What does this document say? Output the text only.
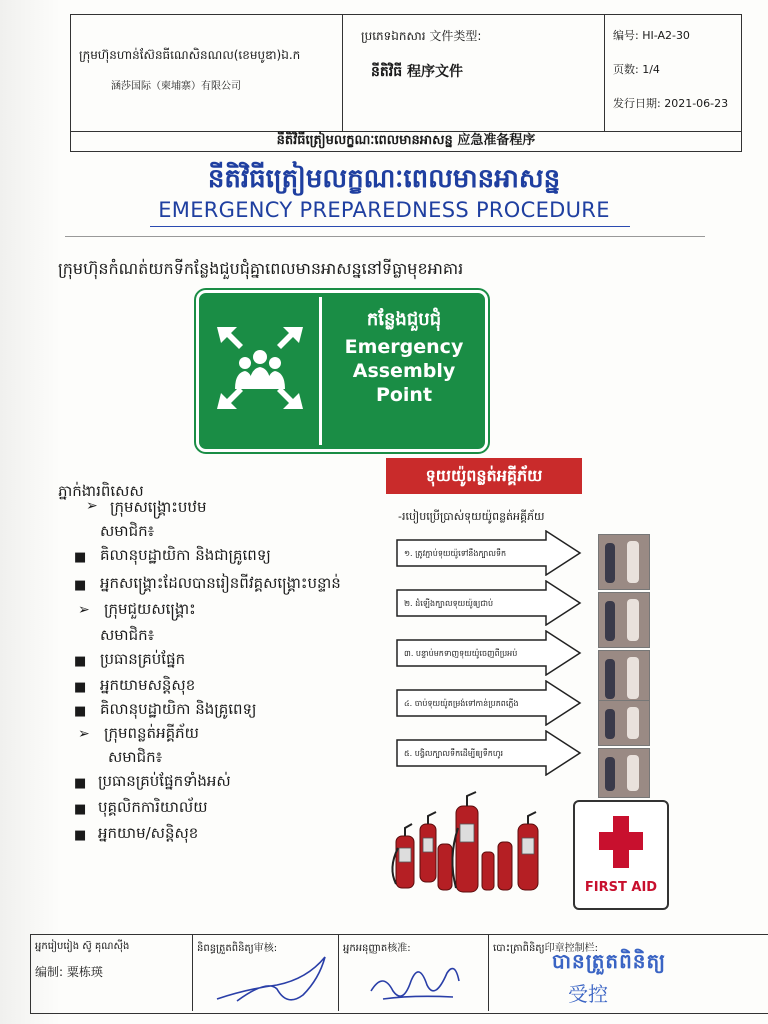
ក្រុមហ៊ុនហាន់ស៊ែនធីណេសិនណល(ខេមបូឌា)ឯ.ក
涵莎国际（柬埔寨）有限公司
ប្រភេទឯកសារ 文件类型:
នីតិវិធី 程序文件
编号: HI-A2-30
页数: 1/4
发行日期: 2021-06-23
នីតិវិធីត្រៀមលក្ខណៈពេលមានអាសន្ន 应急准备程序
នីតិវិធីត្រៀមលក្ខណៈពេលមានអាសន្ន
EMERGENCY PREPAREDNESS PROCEDURE
ក្រុមហ៊ុនកំណត់យកទីកន្លែងជួបជុំគ្នាពេលមានអាសន្ននៅទីធ្លាមុខអាគារ
កន្លែងជួបជុំ
Emergency
Assembly
Point
ភ្នាក់ងារពិសេស
➢ ក្រុមសង្គ្រោះបឋម
សមាជិក៖
■ គិលានុបដ្ឋាយិកា និងជាគ្រូពេទ្យ
■ អ្នកសង្គ្រោះដែលបានរៀនពីវគ្គសង្គ្រោះបន្ទាន់
➢ ក្រុមជួយសង្គ្រោះ
សមាជិក៖
■ ប្រធានគ្រប់ផ្នែក
■ អ្នកយាមសន្តិសុខ
■ គិលានុបដ្ឋាយិកា និងគ្រូពេទ្យ
➢ ក្រុមពន្លត់អគ្គីភ័យ
សមាជិក៖
■ ប្រធានគ្រប់ផ្នែកទាំងអស់
■ បុគ្គលិកការិយាល័យ
■ អ្នកយាម/សន្តិសុខ
ទុយយ៉ូពន្លត់អគ្គីភ័យ
-របៀបប្រើប្រាស់ទុយយ៉ូពន្លត់អគ្គីភ័យ
១. ត្រូវភ្ជាប់ទុយយ៉ូទៅនឹងក្បាលទឹក
២. ដំឡើងក្បាលទុយយ៉ូឲ្យជាប់
៣. បន្ទាប់មកទាញទុយយ៉ូចេញពីប្រអប់
៤. ចាប់ទុយយ៉ូតម្រង់ទៅកាន់ប្រភពភ្លើង
៥. បង្វិលក្បាលទឹកដើម្បីឲ្យទឹកហូរ
FIRST AID
អ្នករៀបរៀង ស៊ូ គុណស៊ីង
编制: 粟栋瑛
និពន្ធត្រួតពិនិត្យ审核:	អ្នកអនុញ្ញាត核准:	បោះត្រាពិនិត្យ印章控制栏:
បានត្រួតពិនិត្យ
受控
